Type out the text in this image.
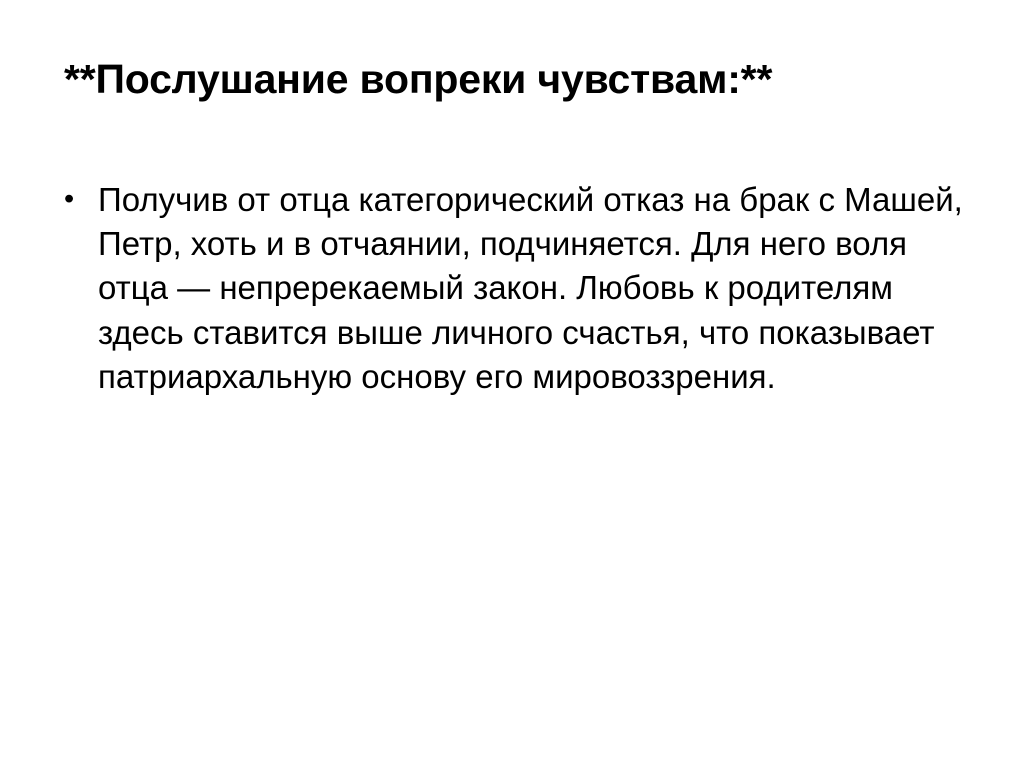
**Послушание вопреки чувствам:**
• Получив от отца категорический отказ на брак с Машей, Петр, хоть и в отчаянии, подчиняется. Для него воля отца — непререкаемый закон. Любовь к родителям здесь ставится выше личного счастья, что показывает патриархальную основу его мировоззрения.
